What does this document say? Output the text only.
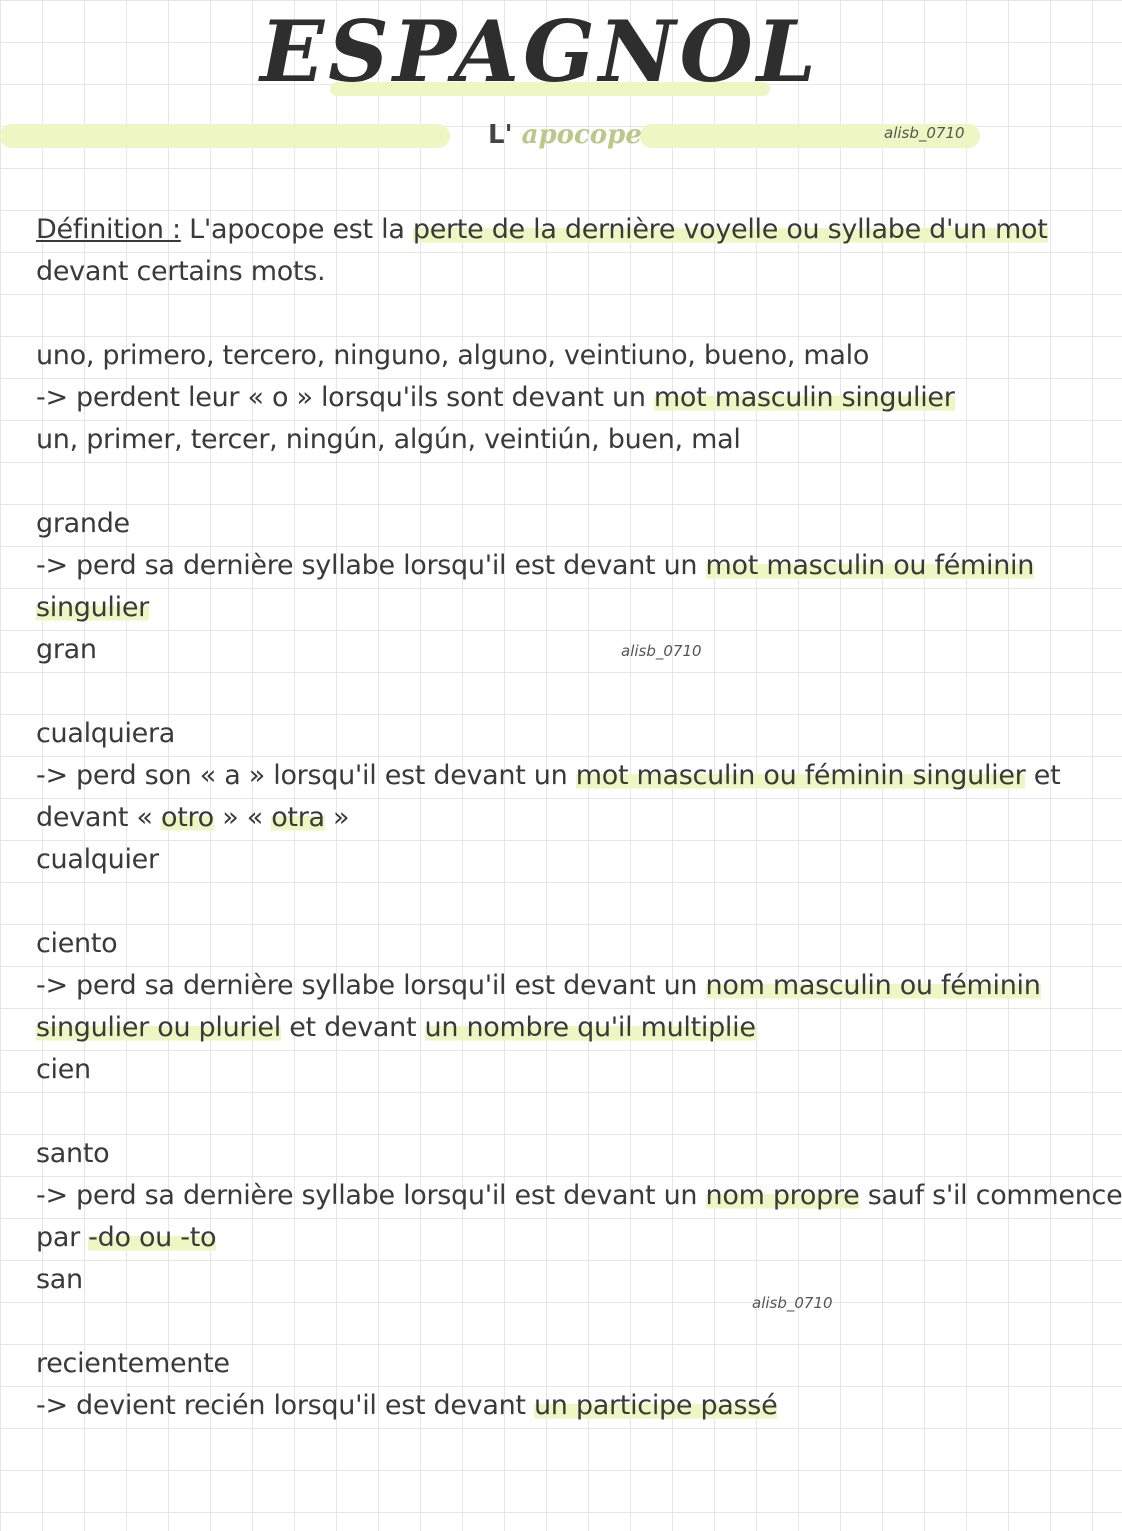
ESPAGNOL
L' apocope	alisb_0710
alisb_0710
alisb_0710

Définition : L'apocope est la perte de la dernière voyelle ou syllabe d'un mot

devant certains mots.

uno, primero, tercero, ninguno, alguno, veintiuno, bueno, malo

-> perdent leur « o » lorsqu'ils sont devant un mot masculin singulier

un, primer, tercer, ningún, algún, veintiún, buen, mal

grande

-> perd sa dernière syllabe lorsqu'il est devant un mot masculin ou féminin

singulier

gran

cualquiera

-> perd son « a » lorsqu'il est devant un mot masculin ou féminin singulier et

devant « otro » « otra »

cualquier

ciento

-> perd sa dernière syllabe lorsqu'il est devant un nom masculin ou féminin

singulier ou pluriel et devant un nombre qu'il multiplie

cien

santo

-> perd sa dernière syllabe lorsqu'il est devant un nom propre sauf s'il commence

par -do ou -to

san

recientemente

-> devient recién lorsqu'il est devant un participe passé
